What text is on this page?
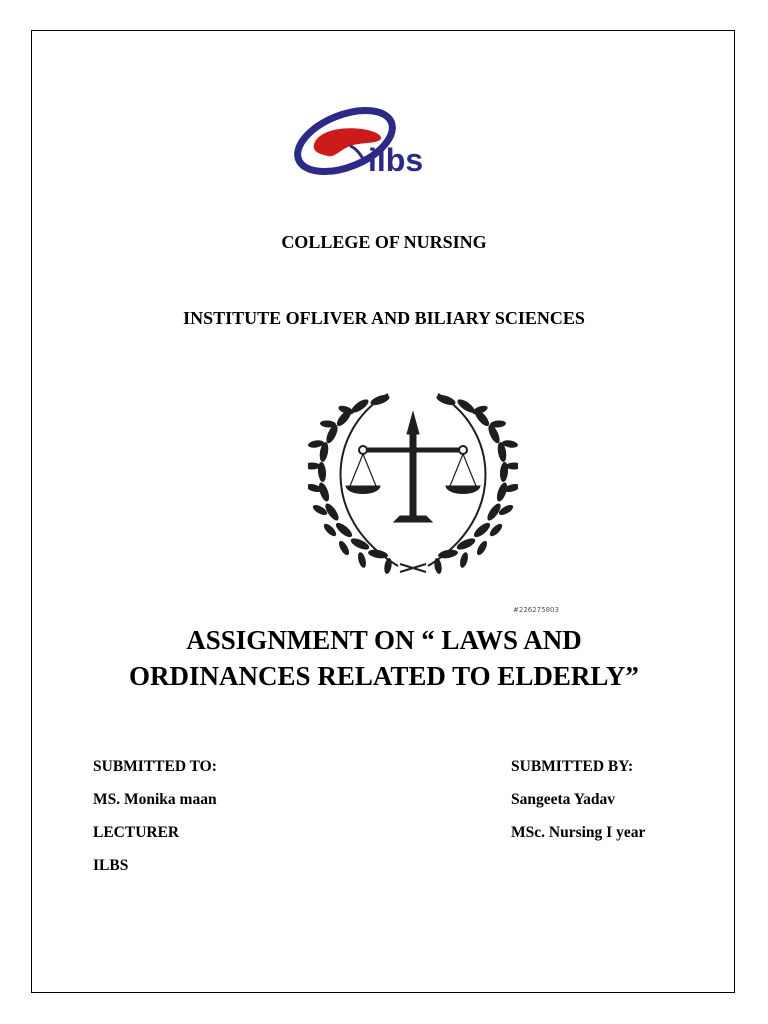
ilbs
COLLEGE OF NURSING
INSTITUTE OFLIVER AND BILIARY SCIENCES
#226275803
ASSIGNMENT ON “ LAWS AND
ORDINANCES RELATED TO ELDERLY”
SUBMITTED TO:
MS. Monika maan
LECTURER
ILBS
SUBMITTED BY:
Sangeeta Yadav
MSc. Nursing I year
